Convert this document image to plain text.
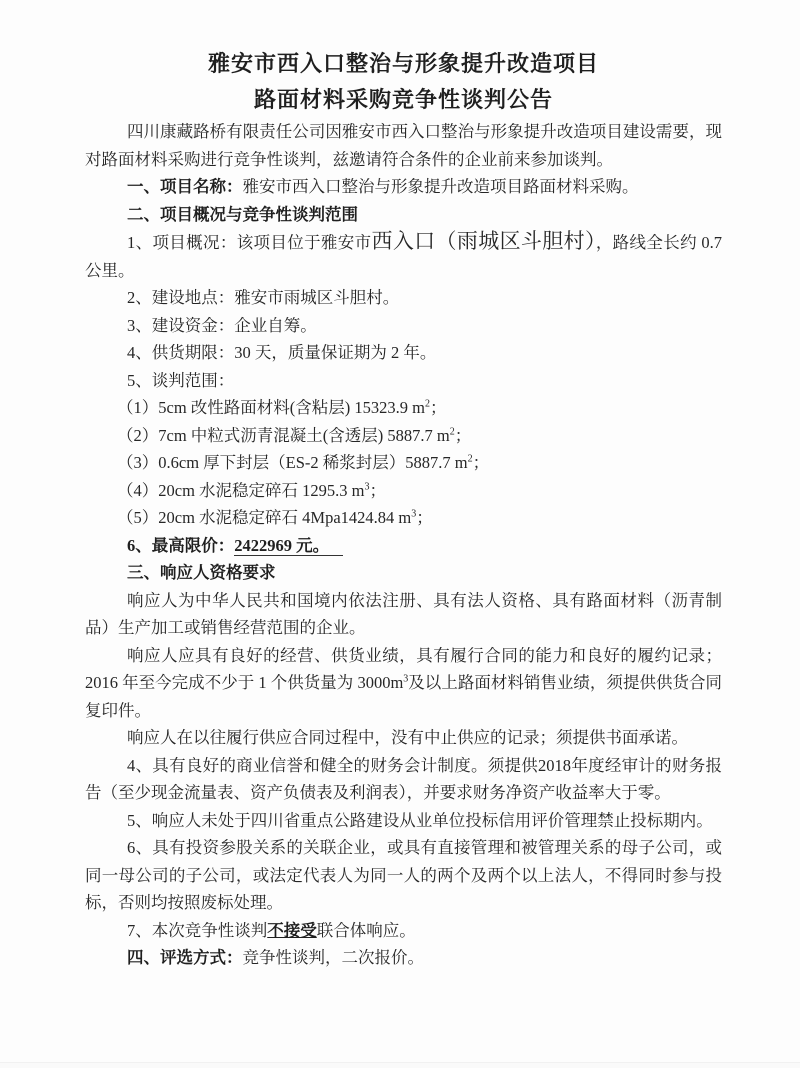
雅安市西入口整治与形象提升改造项目
路面材料采购竞争性谈判公告

四川康藏路桥有限责任公司因雅安市西入口整治与形象提升改造项目建设需要，现对路面材料采购进行竞争性谈判，兹邀请符合条件的企业前来参加谈判。

一、项目名称：雅安市西入口整治与形象提升改造项目路面材料采购。

二、项目概况与竞争性谈判范围

1、项目概况：该项目位于雅安市西入口（雨城区斗胆村），路线全长约 0.7 公里。

2、建设地点：雅安市雨城区斗胆村。

3、建设资金：企业自筹。

4、供货期限：30 天，质量保证期为 2 年。

5、谈判范围：

（1）5cm 改性路面材料(含粘层) 15323.9 $m^2$；

（2）7cm 中粒式沥青混凝土(含透层) 5887.7 $m^2$；

（3）0.6cm 厚下封层（ES-2 稀浆封层）5887.7 $m^2$；

（4）20cm 水泥稳定碎石 1295.3 $m^3$；

（5）20cm 水泥稳定碎石 4Mpa1424.84 $m^3$；

6、最高限价：2422969 元。

三、响应人资格要求

响应人为中华人民共和国境内依法注册、具有法人资格、具有路面材料（沥青制品）生产加工或销售经营范围的企业。

响应人应具有良好的经营、供货业绩，具有履行合同的能力和良好的履约记录；2016 年至今完成不少于 1 个供货量为 $3000m^3$及以上路面材料销售业绩，须提供供货合同复印件。

响应人在以往履行供应合同过程中，没有中止供应的记录；须提供书面承诺。

4、具有良好的商业信誉和健全的财务会计制度。须提供2018年度经审计的财务报告（至少现金流量表、资产负债表及利润表），并要求财务净资产收益率大于零。

5、响应人未处于四川省重点公路建设从业单位投标信用评价管理禁止投标期内。

6、具有投资参股关系的关联企业，或具有直接管理和被管理关系的母子公司，或同一母公司的子公司，或法定代表人为同一人的两个及两个以上法人，不得同时参与投标，否则均按照废标处理。

7、本次竞争性谈判不接受联合体响应。

四、评选方式：竞争性谈判，二次报价。
